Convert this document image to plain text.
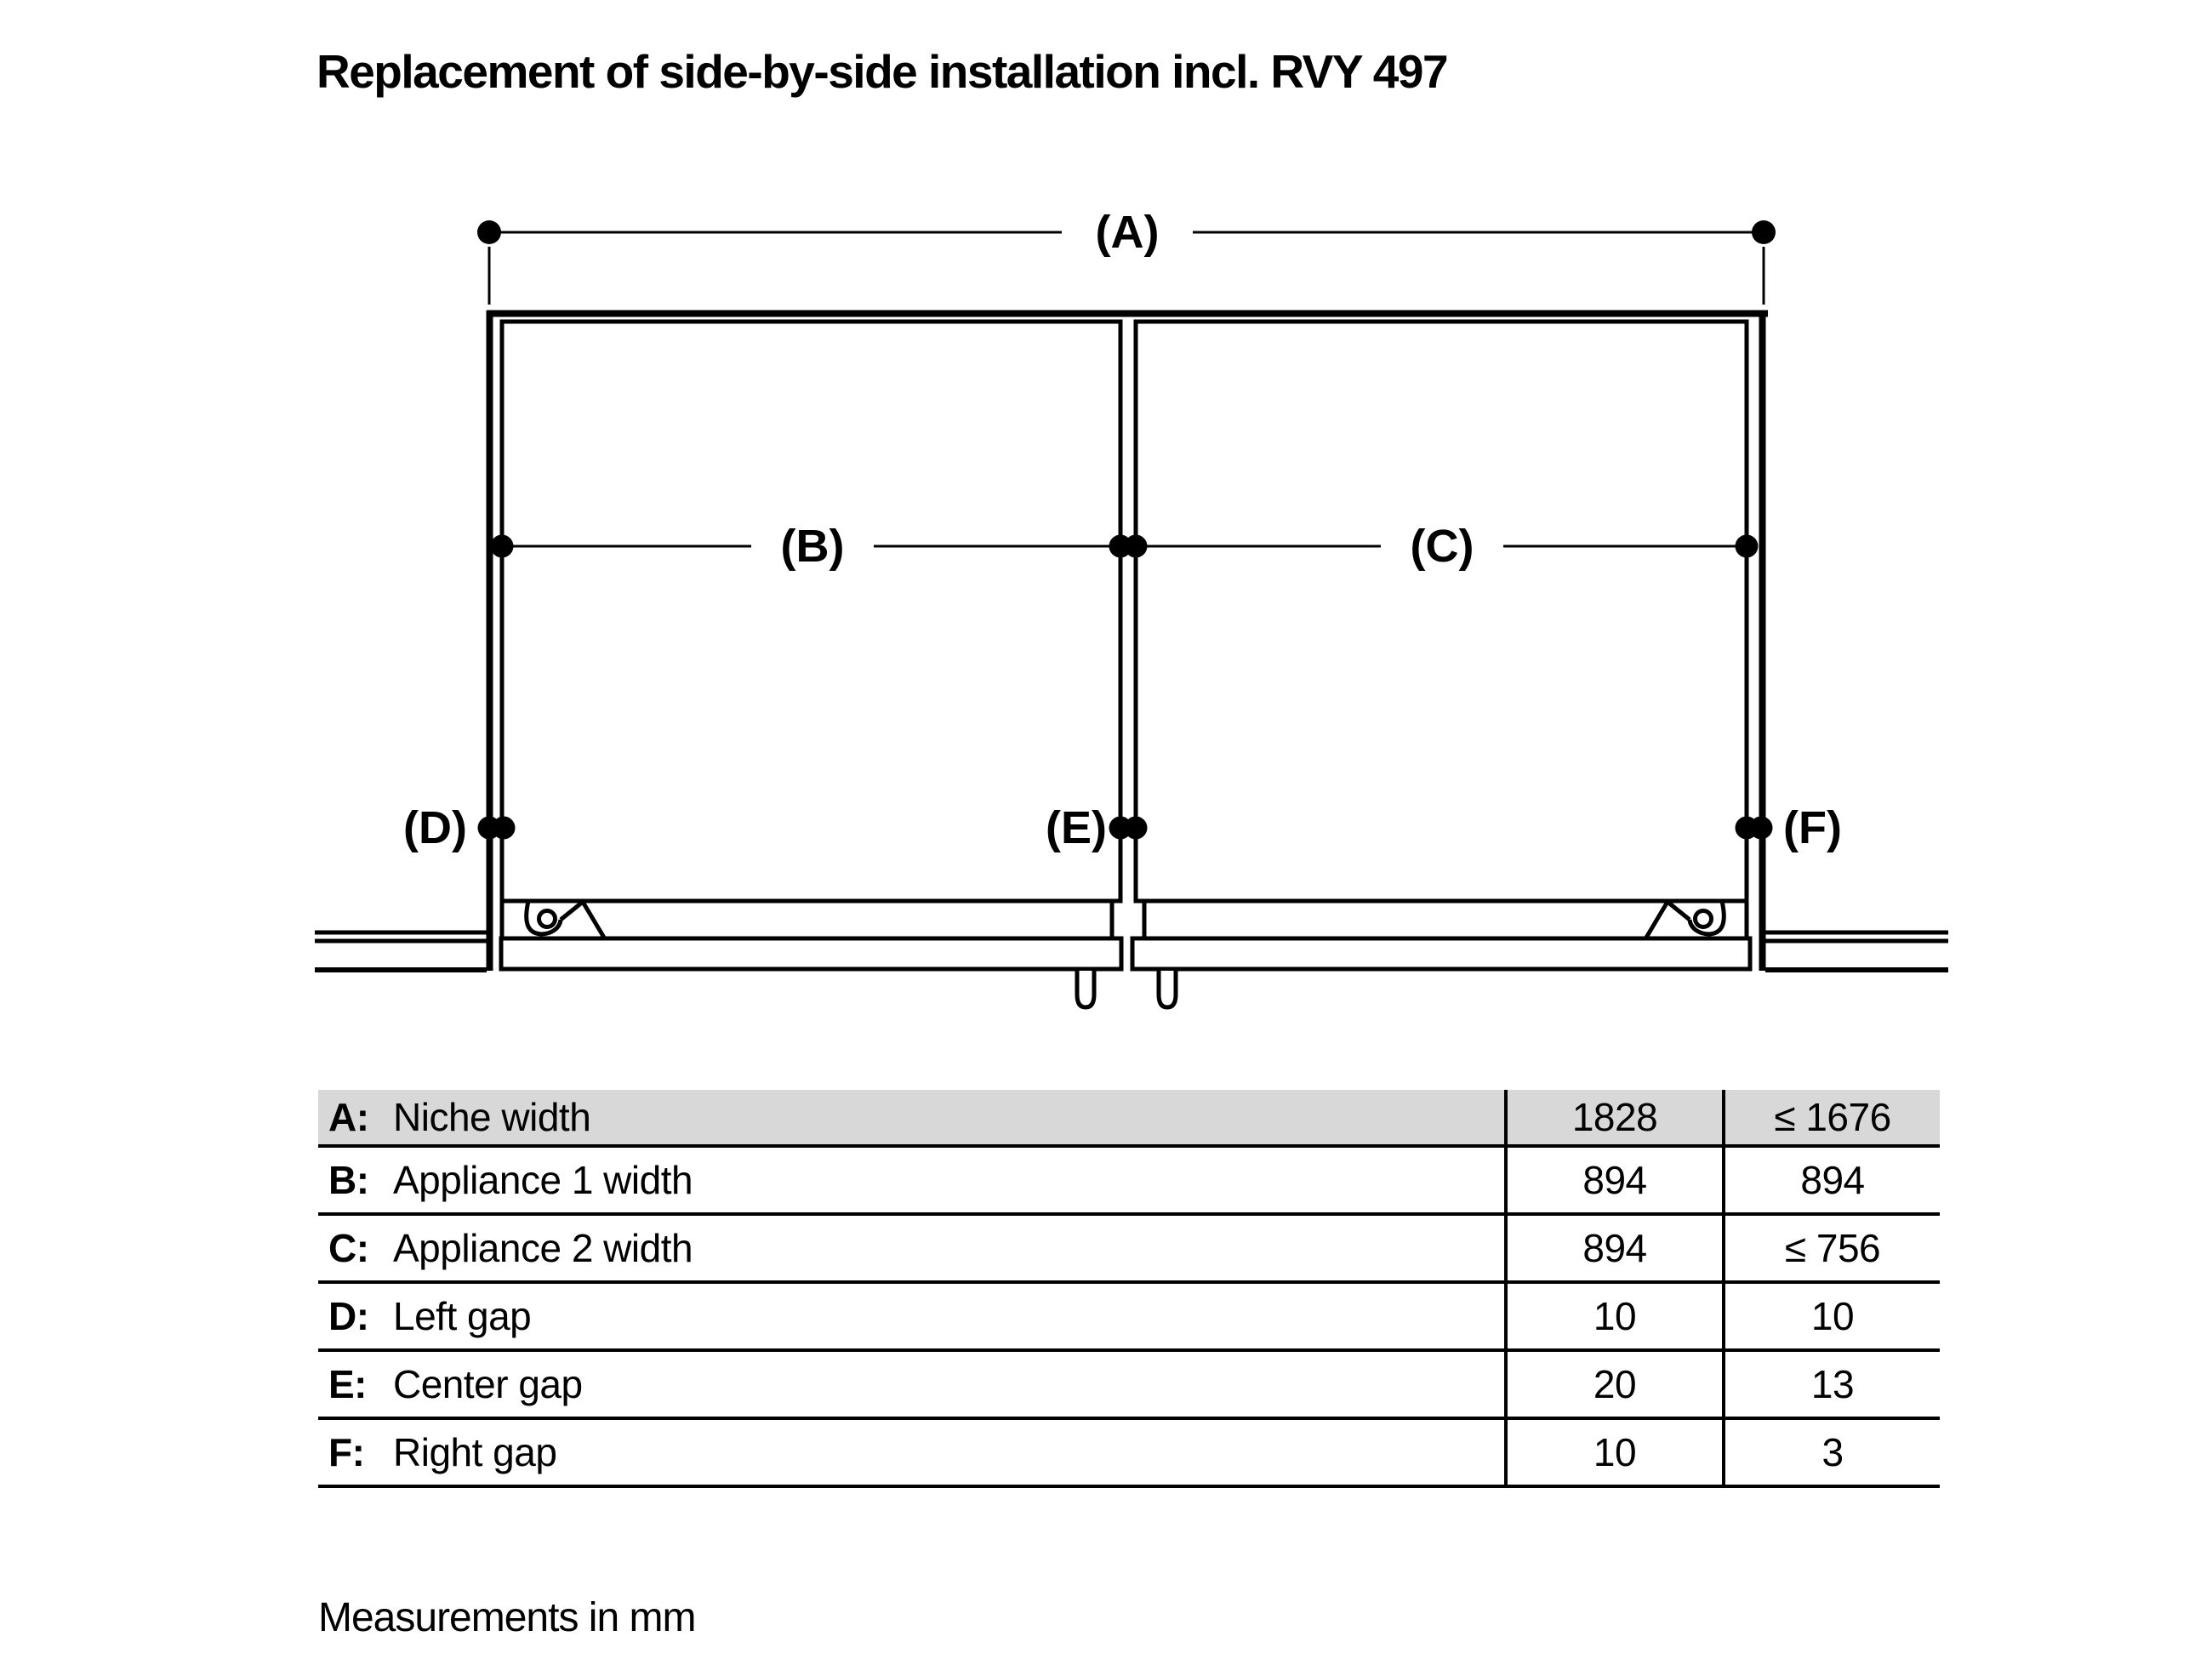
Replacement of side-by-side installation incl. RVY 497
(A)
(B)	(C)
(D)	(E)	(F)
A: Niche width	1828	≤ 1676
B: Appliance 1 width	894	894
C: Appliance 2 width	894	≤ 756
D: Left gap	10	10
E: Center gap	20	13
F: Right gap	10	3
Measurements in mm
